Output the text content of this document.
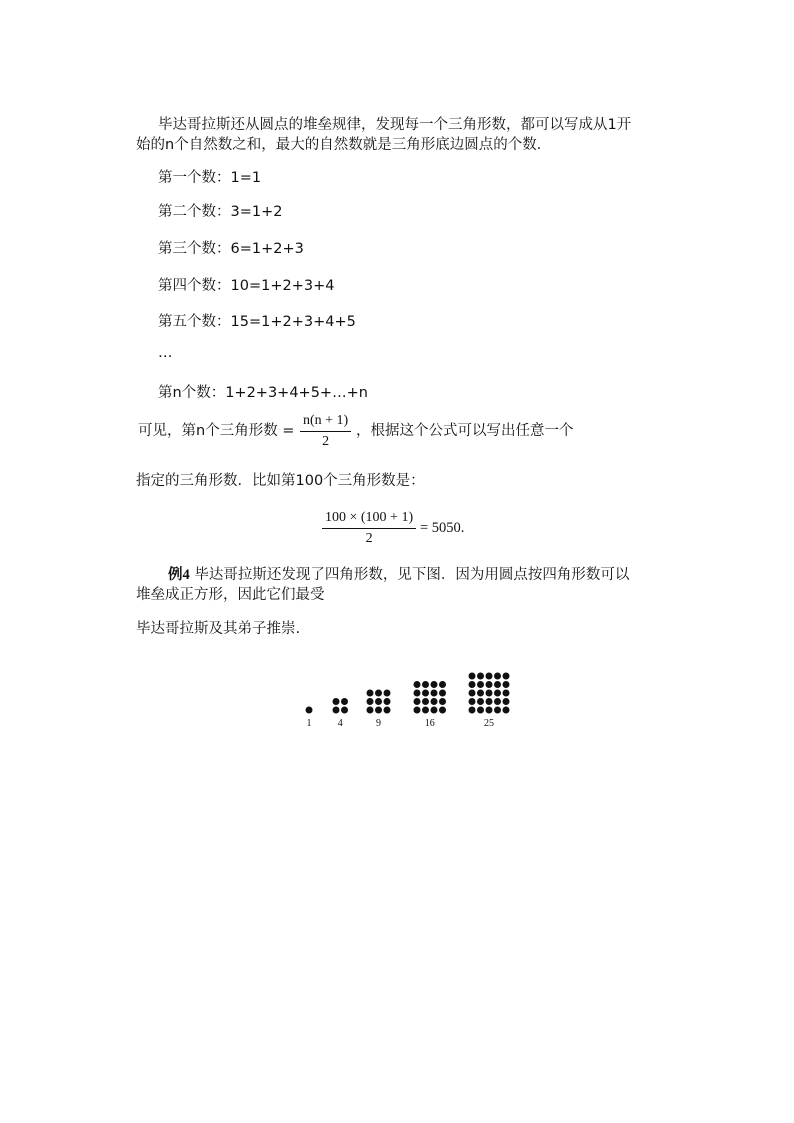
毕达哥拉斯还从圆点的堆垒规律，发现每一个三角形数，都可以写成从1开
始的n个自然数之和，最大的自然数就是三角形底边圆点的个数.
第一个数：1=1
第二个数：3=1+2
第三个数：6=1+2+3
第四个数：10=1+2+3+4
第五个数：15=1+2+3+4+5
…
第n个数：1+2+3+4+5+…+n
可见，第n个三角形数 = $\frac{n(n + 1)}{2}$ ，根据这个公式可以写出任意一个
指定的三角形数．比如第100个三角形数是：
$\frac{100 \times (100 + 1)}{2} = 5050$.
例4 毕达哥拉斯还发现了四角形数，见下图．因为用圆点按四角形数可以
堆垒成正方形，因此它们最受
毕达哥拉斯及其弟子推崇.
1	4	9	16	25
